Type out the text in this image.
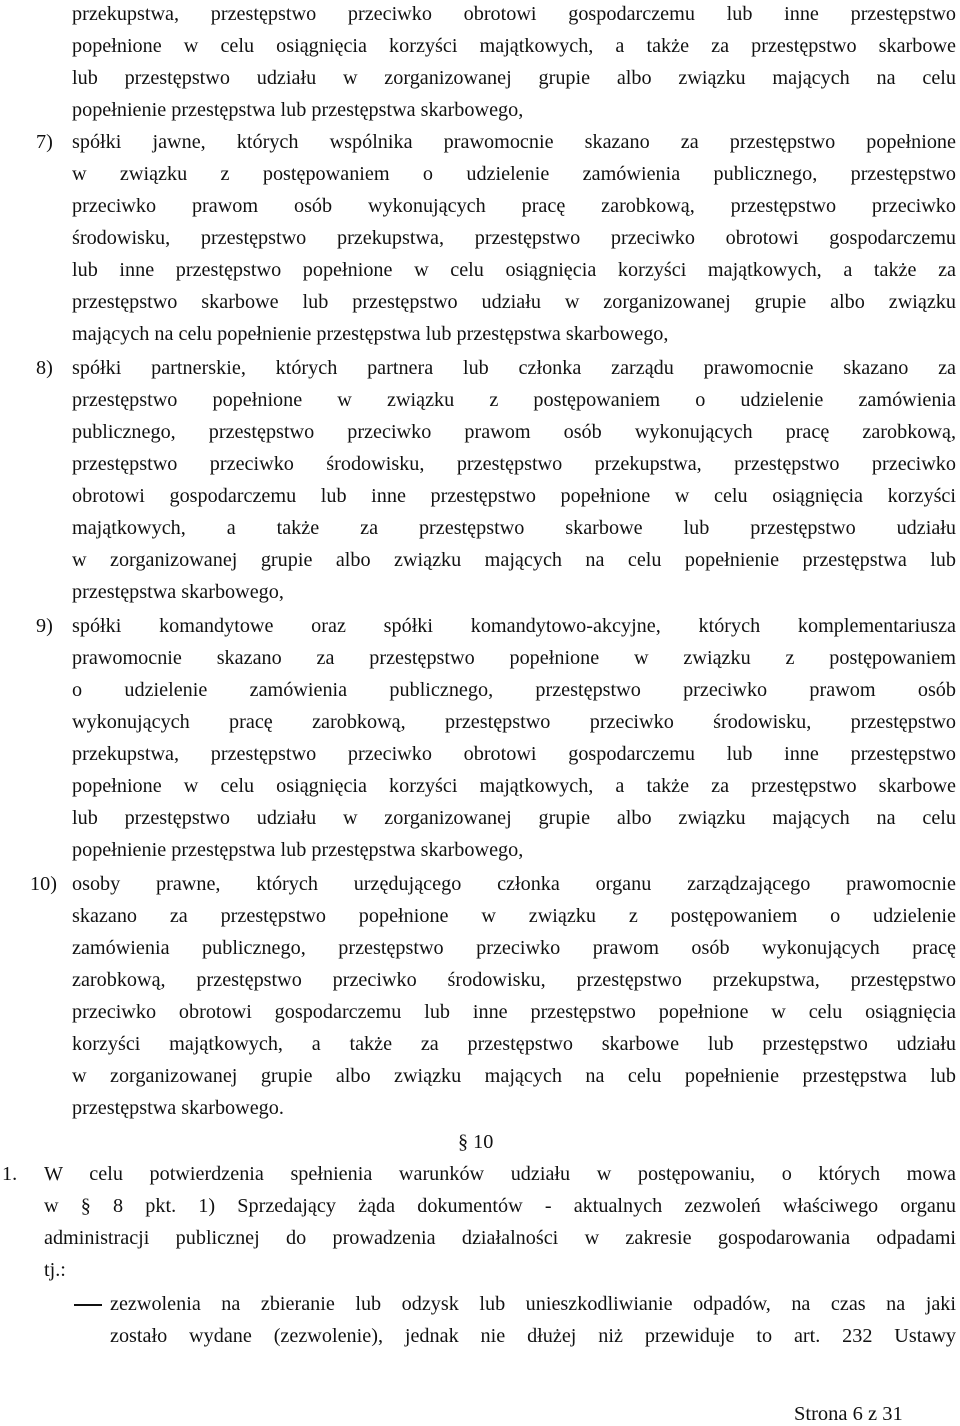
przekupstwa, przestępstwo przeciwko obrotowi gospodarczemu lub inne przestępstwo
popełnione w celu osiągnięcia korzyści majątkowych, a także za przestępstwo skarbowe
lub przestępstwo udziału w zorganizowanej grupie albo związku mających na celu
popełnienie przestępstwa lub przestępstwa skarbowego,
7) spółki jawne, których wspólnika prawomocnie skazano za przestępstwo popełnione
w związku z postępowaniem o udzielenie zamówienia publicznego, przestępstwo
przeciwko prawom osób wykonujących pracę zarobkową, przestępstwo przeciwko
środowisku, przestępstwo przekupstwa, przestępstwo przeciwko obrotowi gospodarczemu
lub inne przestępstwo popełnione w celu osiągnięcia korzyści majątkowych, a także za
przestępstwo skarbowe lub przestępstwo udziału w zorganizowanej grupie albo związku
mających na celu popełnienie przestępstwa lub przestępstwa skarbowego,
8) spółki partnerskie, których partnera lub członka zarządu prawomocnie skazano za
przestępstwo popełnione w związku z postępowaniem o udzielenie zamówienia
publicznego, przestępstwo przeciwko prawom osób wykonujących pracę zarobkową,
przestępstwo przeciwko środowisku, przestępstwo przekupstwa, przestępstwo przeciwko
obrotowi gospodarczemu lub inne przestępstwo popełnione w celu osiągnięcia korzyści
majątkowych, a także za przestępstwo skarbowe lub przestępstwo udziału
w zorganizowanej grupie albo związku mających na celu popełnienie przestępstwa lub
przestępstwa skarbowego,
9) spółki komandytowe oraz spółki komandytowo-akcyjne, których komplementariusza
prawomocnie skazano za przestępstwo popełnione w związku z postępowaniem
o udzielenie zamówienia publicznego, przestępstwo przeciwko prawom osób
wykonujących pracę zarobkową, przestępstwo przeciwko środowisku, przestępstwo
przekupstwa, przestępstwo przeciwko obrotowi gospodarczemu lub inne przestępstwo
popełnione w celu osiągnięcia korzyści majątkowych, a także za przestępstwo skarbowe
lub przestępstwo udziału w zorganizowanej grupie albo związku mających na celu
popełnienie przestępstwa lub przestępstwa skarbowego,
10) osoby prawne, których urzędującego członka organu zarządzającego prawomocnie
skazano za przestępstwo popełnione w związku z postępowaniem o udzielenie
zamówienia publicznego, przestępstwo przeciwko prawom osób wykonujących pracę
zarobkową, przestępstwo przeciwko środowisku, przestępstwo przekupstwa, przestępstwo
przeciwko obrotowi gospodarczemu lub inne przestępstwo popełnione w celu osiągnięcia
korzyści majątkowych, a także za przestępstwo skarbowe lub przestępstwo udziału
w zorganizowanej grupie albo związku mających na celu popełnienie przestępstwa lub
przestępstwa skarbowego.
§ 10
1. W celu potwierdzenia spełnienia warunków udziału w postępowaniu, o których mowa
w § 8 pkt. 1) Sprzedający żąda dokumentów - aktualnych zezwoleń właściwego organu
administracji publicznej do prowadzenia działalności w zakresie gospodarowania odpadami
tj.:
zezwolenia na zbieranie lub odzysk lub unieszkodliwianie odpadów, na czas na jaki
zostało wydane (zezwolenie), jednak nie dłużej niż przewiduje to art. 232 Ustawy
Strona 6 z 31
